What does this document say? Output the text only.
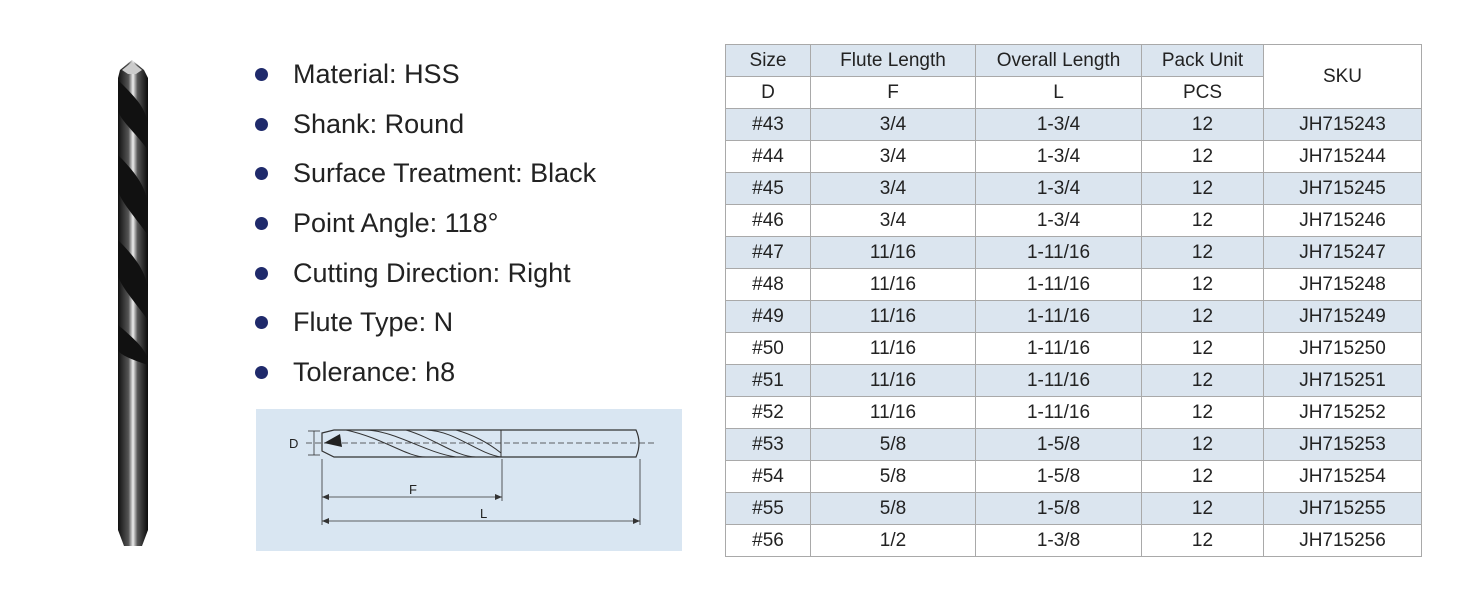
Material :
HSS
Shank :
Round
Surface Treatment :
Black
Point Angle :
118°
Cutting Direction :
Right
Flute Type :
N
Tolerance :
h8
D
F
L
Size	Flute Length	Overall Length	Pack Unit	SKU
D	F	L	PCS	
#43	3/4	1-3/4	12	JH715243
#44	3/4	1-3/4	12	JH715244
#45	3/4	1-3/4	12	JH715245
#46	3/4	1-3/4	12	JH715246
#47	11/16	1-11/16	12	JH715247
#48	11/16	1-11/16	12	JH715248
#49	11/16	1-11/16	12	JH715249
#50	11/16	1-11/16	12	JH715250
#51	11/16	1-11/16	12	JH715251
#52	11/16	1-11/16	12	JH715252
#53	5/8	1-5/8	12	JH715253
#54	5/8	1-5/8	12	JH715254
#55	5/8	1-5/8	12	JH715255
#56	1/2	1-3/8	12	JH715256
